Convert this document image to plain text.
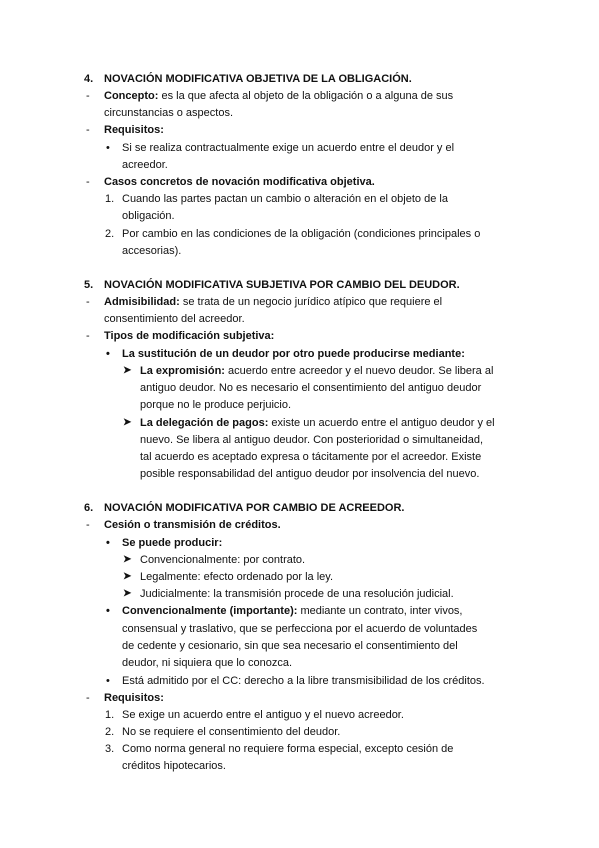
4. NOVACIÓN MODIFICATIVA OBJETIVA DE LA OBLIGACIÓN.
- Concepto: es la que afecta al objeto de la obligación o a alguna de sus
circunstancias o aspectos.
- Requisitos:
• Si se realiza contractualmente exige un acuerdo entre el deudor y el
acreedor.
- Casos concretos de novación modificativa objetiva.
1. Cuando las partes pactan un cambio o alteración en el objeto de la
obligación.
2. Por cambio en las condiciones de la obligación (condiciones principales o
accesorias).
5. NOVACIÓN MODIFICATIVA SUBJETIVA POR CAMBIO DEL DEUDOR.
- Admisibilidad: se trata de un negocio jurídico atípico que requiere el
consentimiento del acreedor.
- Tipos de modificación subjetiva:
• La sustitución de un deudor por otro puede producirse mediante:
➤ La expromisión: acuerdo entre acreedor y el nuevo deudor. Se libera al
antiguo deudor. No es necesario el consentimiento del antiguo deudor
porque no le produce perjuicio.
➤ La delegación de pagos: existe un acuerdo entre el antiguo deudor y el
nuevo. Se libera al antiguo deudor. Con posterioridad o simultaneidad,
tal acuerdo es aceptado expresa o tácitamente por el acreedor. Existe
posible responsabilidad del antiguo deudor por insolvencia del nuevo.
6. NOVACIÓN MODIFICATIVA POR CAMBIO DE ACREEDOR.
- Cesión o transmisión de créditos.
• Se puede producir:
➤ Convencionalmente: por contrato.
➤ Legalmente: efecto ordenado por la ley.
➤ Judicialmente: la transmisión procede de una resolución judicial.
• Convencionalmente (importante): mediante un contrato, inter vivos,
consensual y traslativo, que se perfecciona por el acuerdo de voluntades
de cedente y cesionario, sin que sea necesario el consentimiento del
deudor, ni siquiera que lo conozca.
• Está admitido por el CC: derecho a la libre transmisibilidad de los créditos.
- Requisitos:
1. Se exige un acuerdo entre el antiguo y el nuevo acreedor.
2. No se requiere el consentimiento del deudor.
3. Como norma general no requiere forma especial, excepto cesión de
créditos hipotecarios.
